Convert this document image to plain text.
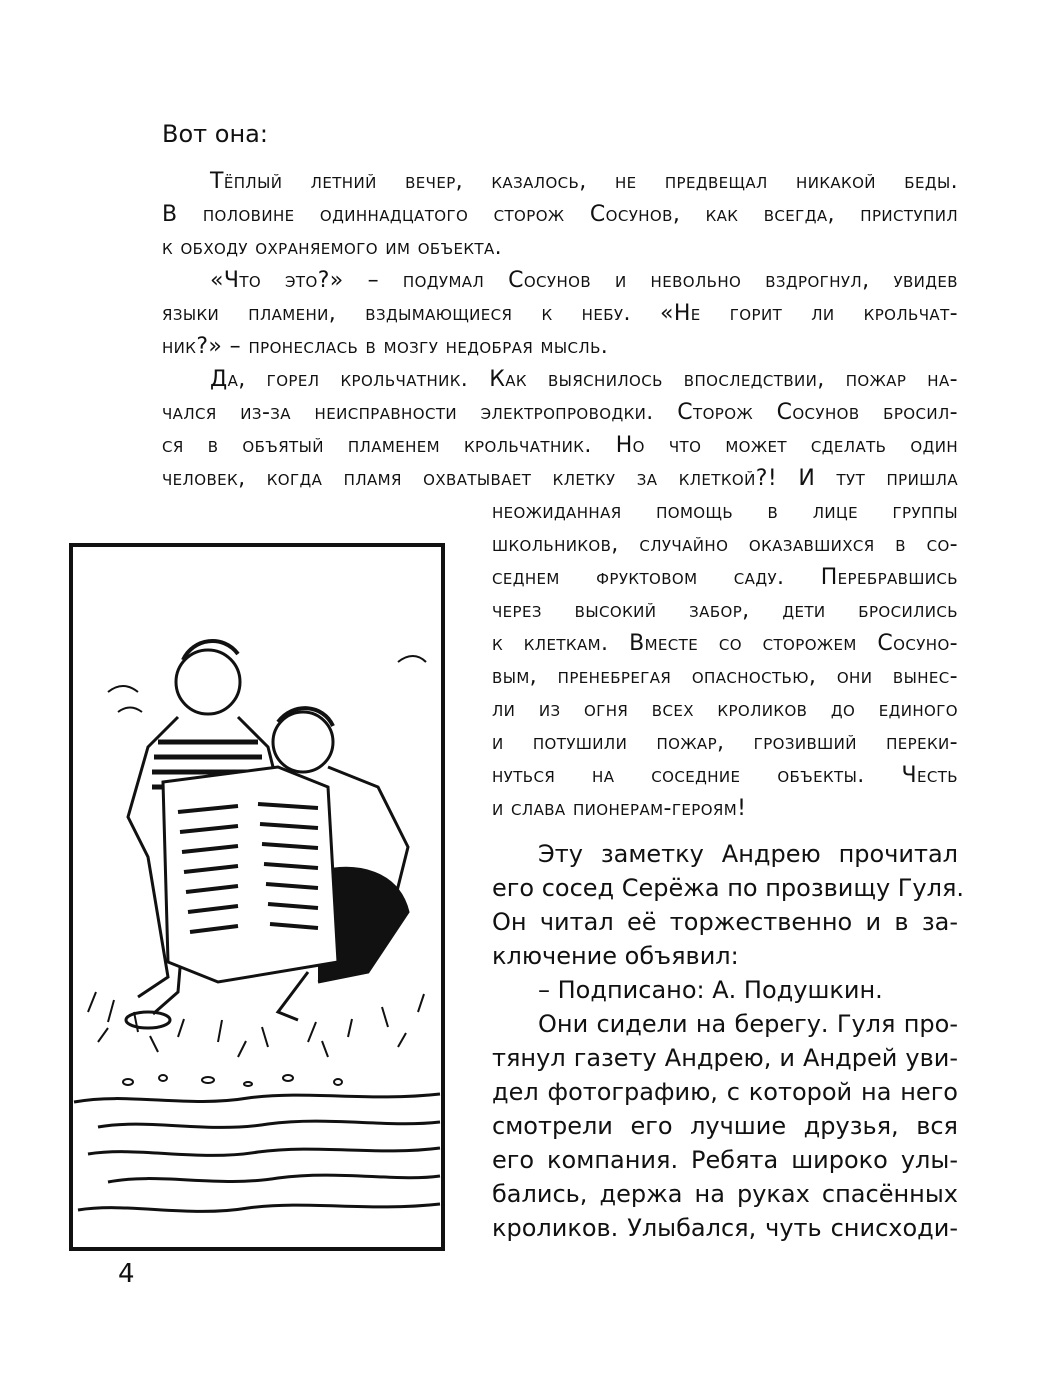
Вот она:
Тёплый летний вечер, казалось, не предвещал никакой беды.
В половине одиннадцатого сторож Сосунов, как всегда, приступил
к обходу охраняемого им объекта.
«Что это?» – подумал Сосунов и невольно вздрогнул, увидев
языки пламени, вздымающиеся к небу. «Не горит ли крольчат-
ник?» – пронеслась в мозгу недобрая мысль.
Да, горел крольчатник. Как выяснилось впоследствии, пожар на-
чался из-за неисправности электропроводки. Сторож Сосунов бросил-
ся в объятый пламенем крольчатник. Но что может сделать один
человек, когда пламя охватывает клетку за клеткой?! И тут пришла
неожиданная помощь в лице группы
школьников, случайно оказавшихся в со-
седнем фруктовом саду. Перебравшись
через высокий забор, дети бросились
к клеткам. Вместе со сторожем Сосуно-
вым, пренебрегая опасностью, они вынес-
ли из огня всех кроликов до единого
и потушили пожар, грозивший переки-
нуться на соседние объекты. Честь
и слава пионерам-героям!
Эту заметку Андрею прочитал
его сосед Серёжа по прозвищу Гуля.
Он читал её торжественно и в за-
ключение объявил:
– Подписано: А. Подушкин.
Они сидели на берегу. Гуля про-
тянул газету Андрею, и Андрей уви-
дел фотографию, с которой на него
смотрели его лучшие друзья, вся
его компания. Ребята широко улы-
бались, держа на руках спасённых
кроликов. Улыбался, чуть снисходи-
4
